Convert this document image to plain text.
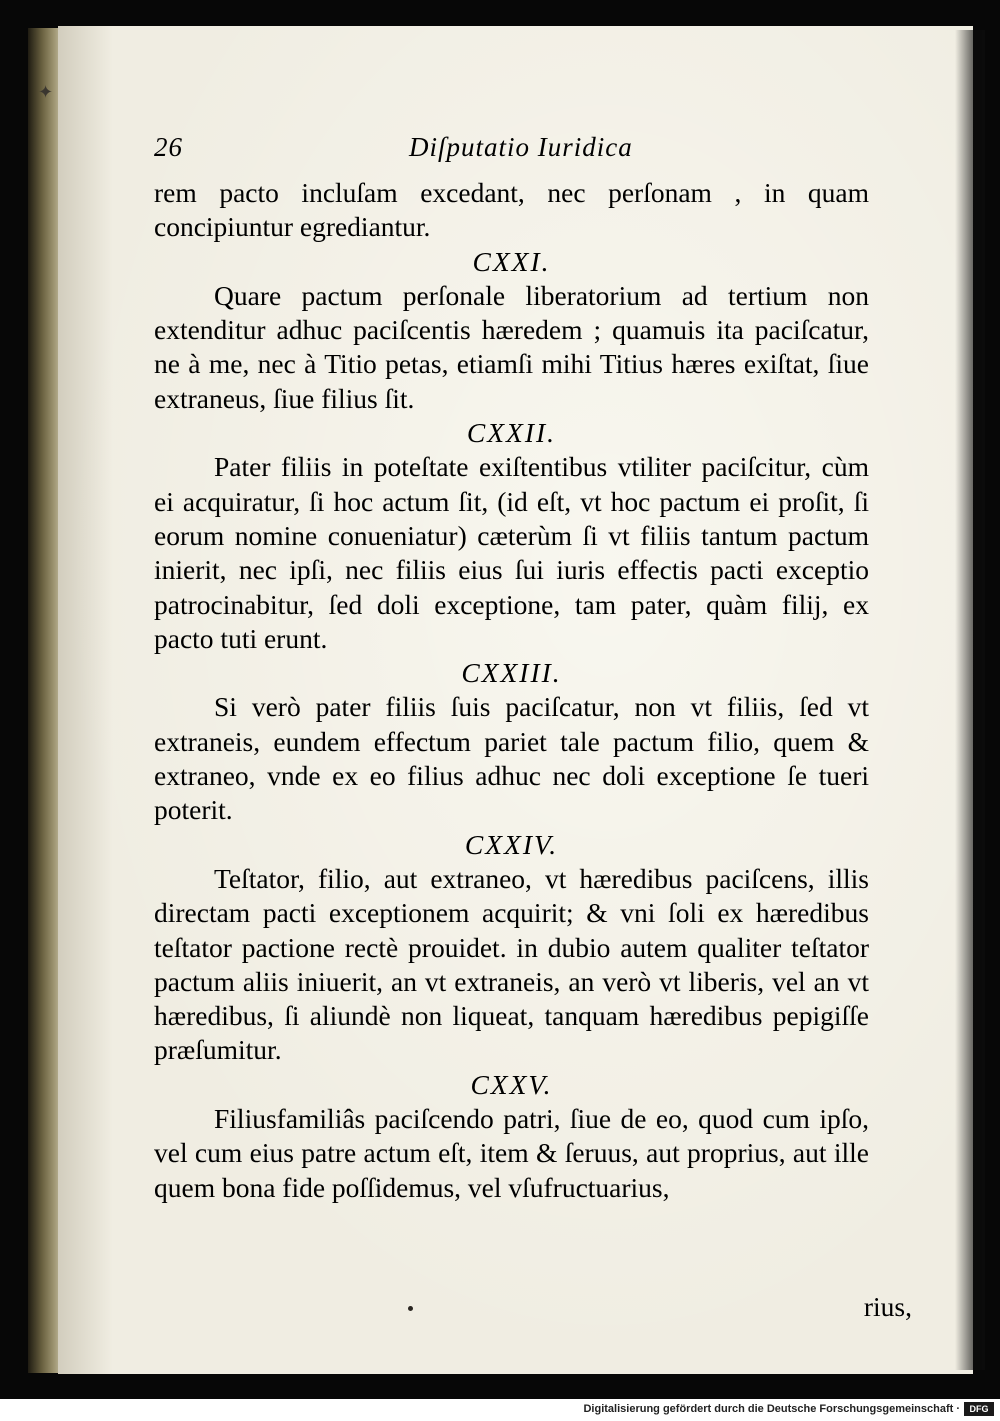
✦
26	Diſputatio Iuridica

rem pacto incluſam excedant, nec perſonam , in quam concipiuntur egrediantur.

CXXI.

Quare pactum perſonale liberatorium ad tertium non extenditur adhuc paciſcentis hæredem ; quamuis ita paciſcatur, ne à me, nec à Titio petas, etiamſi mihi Titius hæres exiſtat, ſiue extraneus, ſiue filius ſit.

CXXII.

Pater filiis in poteſtate exiſtentibus vtiliter paciſcitur, cùm ei acquiratur, ſi hoc actum ſit, (id eſt, vt hoc pactum ei proſit, ſi eorum nomine conueniatur) cæterùm ſi vt filiis tantum pactum inierit, nec ipſi, nec filiis eius ſui iuris effectis pacti exceptio patrocinabitur, ſed doli exceptione, tam pater, quàm filij, ex pacto tuti erunt.

CXXIII.

Si verò pater filiis ſuis paciſcatur, non vt filiis, ſed vt extraneis, eundem effectum pariet tale pactum filio, quem & extraneo, vnde ex eo filius adhuc nec doli exceptione ſe tueri poterit.

CXXIV.

Teſtator, filio, aut extraneo, vt hæredibus paciſcens, illis directam pacti exceptionem acquirit; & vni ſoli ex hæredibus teſtator pactione rectè prouidet. in dubio autem qualiter teſtator pactum aliis iniuerit, an vt extraneis, an verò vt liberis, vel an vt hæredibus, ſi aliundè non liqueat, tanquam hæredibus pepigiſſe præſumitur.

CXXV.

Filiusfamiliâs paciſcendo patri, ſiue de eo, quod cum ipſo, vel cum eius patre actum eſt, item & ſeruus, aut proprius, aut ille quem bona fide poſſidemus, vel vſufructuarius,

rius,
Digitalisierung gefördert durch die Deutsche Forschungsgemeinschaft ·	DFG
